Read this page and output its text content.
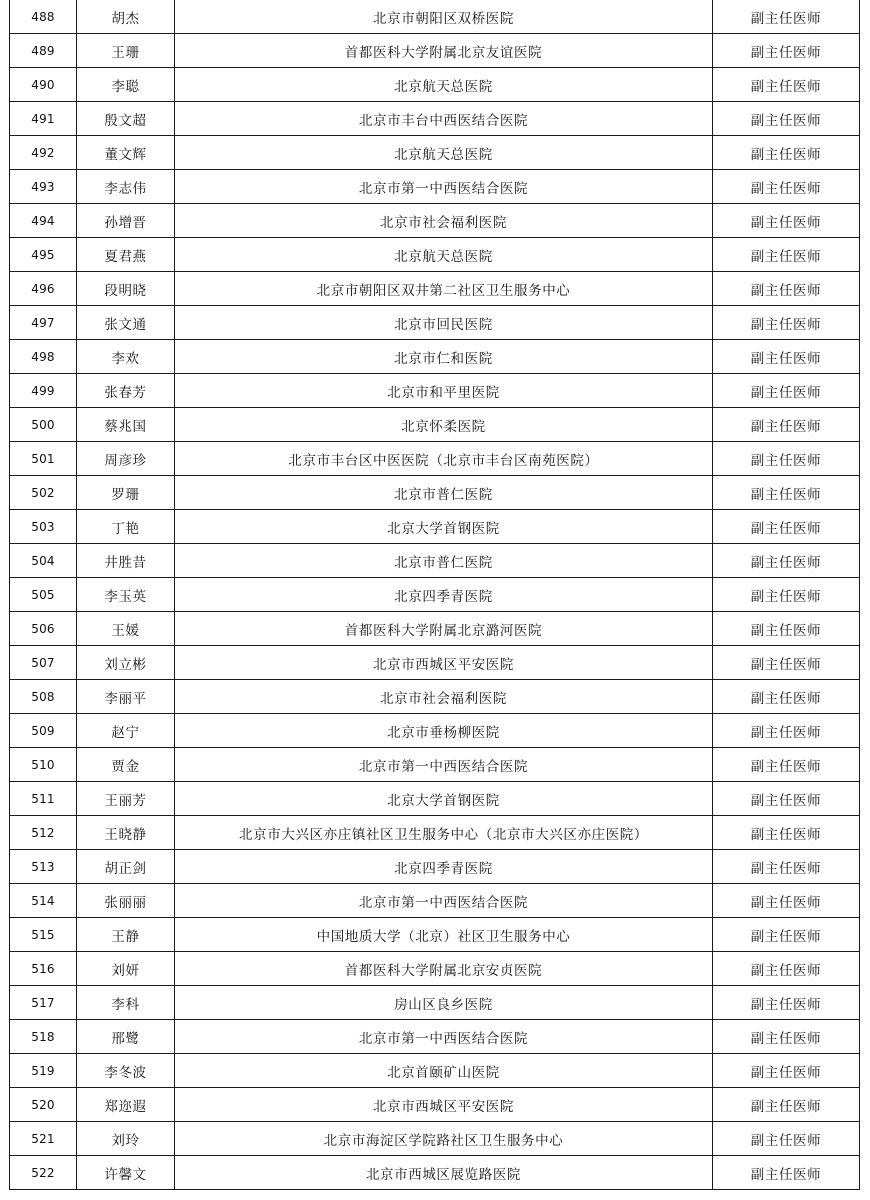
488	胡杰	北京市朝阳区双桥医院	副主任医师
489	王珊	首都医科大学附属北京友谊医院	副主任医师
490	李聪	北京航天总医院	副主任医师
491	殷文超	北京市丰台中西医结合医院	副主任医师
492	董文辉	北京航天总医院	副主任医师
493	李志伟	北京市第一中西医结合医院	副主任医师
494	孙增晋	北京市社会福利医院	副主任医师
495	夏君燕	北京航天总医院	副主任医师
496	段明晓	北京市朝阳区双井第二社区卫生服务中心	副主任医师
497	张文通	北京市回民医院	副主任医师
498	李欢	北京市仁和医院	副主任医师
499	张春芳	北京市和平里医院	副主任医师
500	蔡兆国	北京怀柔医院	副主任医师
501	周彦珍	北京市丰台区中医医院（北京市丰台区南苑医院）	副主任医师
502	罗珊	北京市普仁医院	副主任医师
503	丁艳	北京大学首钢医院	副主任医师
504	井胜昔	北京市普仁医院	副主任医师
505	李玉英	北京四季青医院	副主任医师
506	王媛	首都医科大学附属北京潞河医院	副主任医师
507	刘立彬	北京市西城区平安医院	副主任医师
508	李丽平	北京市社会福利医院	副主任医师
509	赵宁	北京市垂杨柳医院	副主任医师
510	贾金	北京市第一中西医结合医院	副主任医师
511	王丽芳	北京大学首钢医院	副主任医师
512	王晓静	北京市大兴区亦庄镇社区卫生服务中心（北京市大兴区亦庄医院）	副主任医师
513	胡正剑	北京四季青医院	副主任医师
514	张丽丽	北京市第一中西医结合医院	副主任医师
515	王静	中国地质大学（北京）社区卫生服务中心	副主任医师
516	刘妍	首都医科大学附属北京安贞医院	副主任医师
517	李科	房山区良乡医院	副主任医师
518	邢鹭	北京市第一中西医结合医院	副主任医师
519	李冬波	北京首颐矿山医院	副主任医师
520	郑迩遐	北京市西城区平安医院	副主任医师
521	刘玲	北京市海淀区学院路社区卫生服务中心	副主任医师
522	许馨文	北京市西城区展览路医院	副主任医师
